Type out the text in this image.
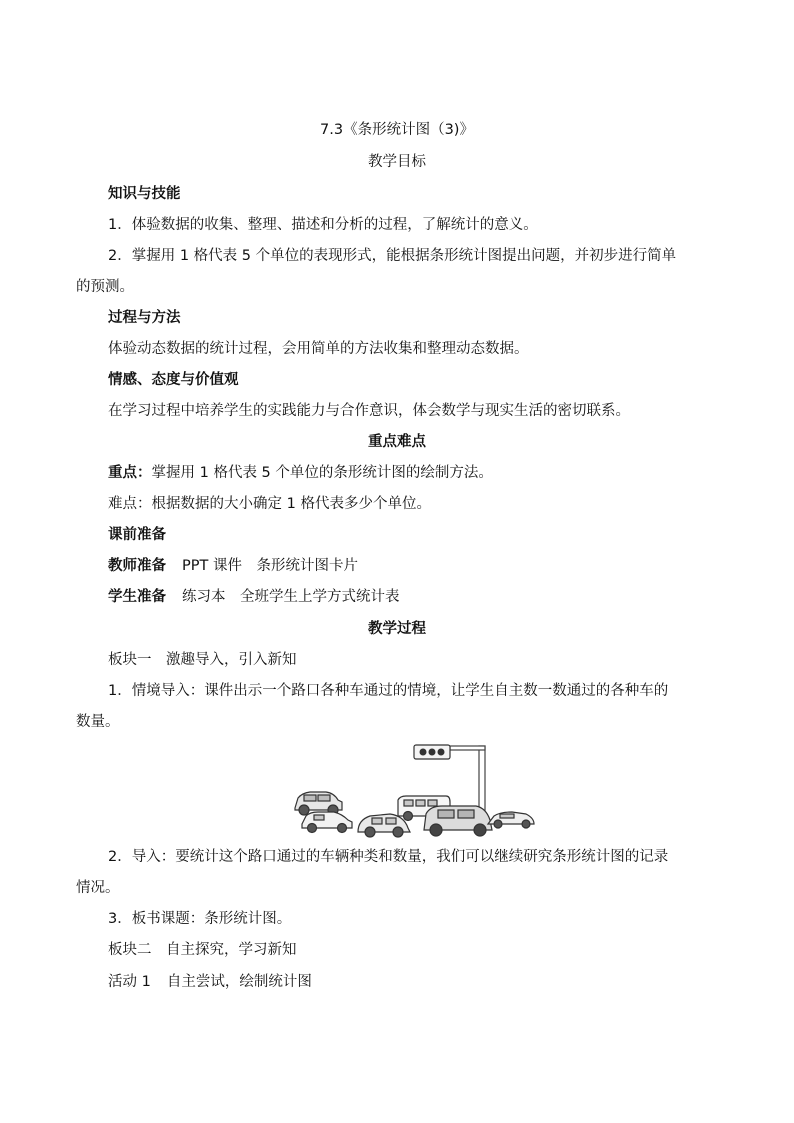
7.3《条形统计图（3)》
教学目标
知识与技能
1．体验数据的收集、整理、描述和分析的过程，了解统计的意义。
2．掌握用 1 格代表 5 个单位的表现形式，能根据条形统计图提出问题，并初步进行简单
的预测。
过程与方法
体验动态数据的统计过程，会用简单的方法收集和整理动态数据。
情感、态度与价值观
在学习过程中培养学生的实践能力与合作意识，体会数学与现实生活的密切联系。
重点难点
重点：掌握用 1 格代表 5 个单位的条形统计图的绘制方法。
难点：根据数据的大小确定 1 格代表多少个单位。
课前准备
教师准备 PPT 课件　条形统计图卡片
学生准备 练习本　全班学生上学方式统计表
教学过程
板块一　激趣导入，引入新知
1．情境导入：课件出示一个路口各种车通过的情境，让学生自主数一数通过的各种车的
数量。
2．导入：要统计这个路口通过的车辆种类和数量，我们可以继续研究条形统计图的记录
情况。
3．板书课题：条形统计图。
板块二　自主探究，学习新知
活动 1 自主尝试，绘制统计图
